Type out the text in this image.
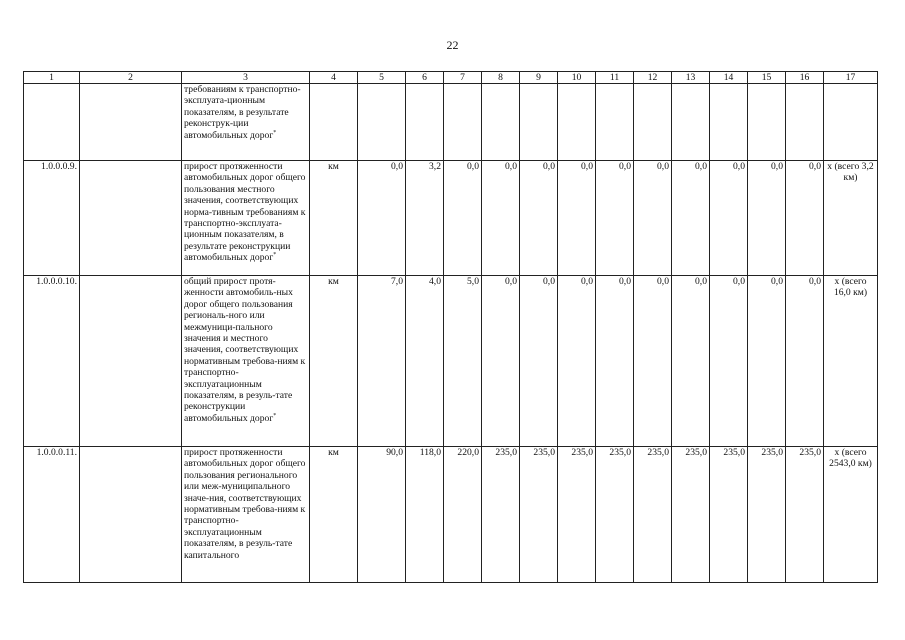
22
1	2	3	4	5	6	7	8	9	10	11	12	13	14	15	16	17
		требованиям к транспортно-эксплуата-ционным показателям, в результате реконструк-ции автомобильных дорог*														
1.0.0.0.9.		прирост протяженности автомобильных дорог общего пользования местного значения, соответствующих норма-тивным требованиям к транспортно-эксплуата-ционным показателям, в результате реконструкции автомобильных дорог*	км	0,0	3,2	0,0	0,0	0,0	0,0	0,0	0,0	0,0	0,0	0,0	0,0	х (всего 3,2 км)
1.0.0.0.10.		общий прирост протя-женности автомобиль-ных дорог общего пользования региональ-ного или межмуници-пального значения и местного значения, соответствующих нормативным требова-ниям к транспортно-эксплуатационным показателям, в резуль-тате реконструкции автомобильных дорог*	км	7,0	4,0	5,0	0,0	0,0	0,0	0,0	0,0	0,0	0,0	0,0	0,0	х (всего 16,0 км)
1.0.0.0.11.		прирост протяженности автомобильных дорог общего пользования регионального или меж-муниципального значе-ния, соответствующих нормативным требова-ниям к транспортно-эксплуатационным показателям, в резуль-тате капитального	км	90,0	118,0	220,0	235,0	235,0	235,0	235,0	235,0	235,0	235,0	235,0	235,0	х (всего 2543,0 км)
